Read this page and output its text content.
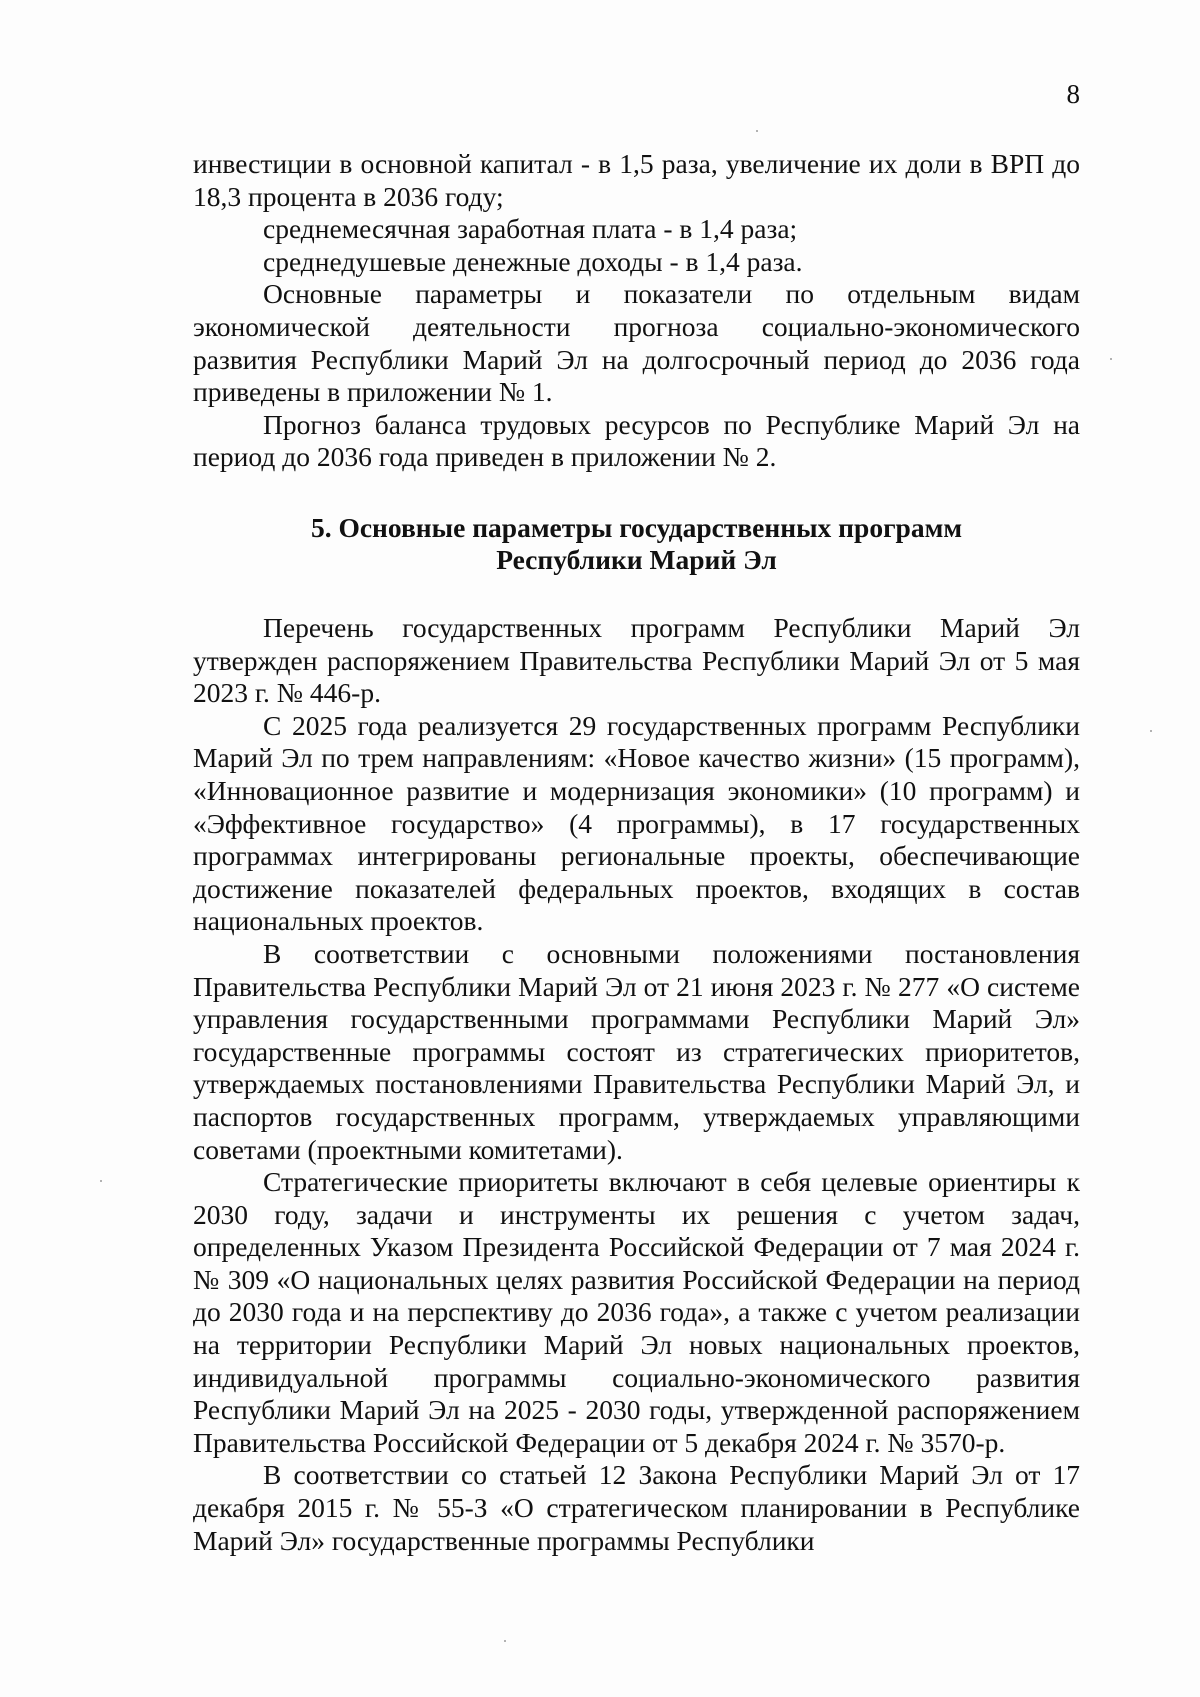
8

инвестиции в основной капитал - в 1,5 раза, увеличение их доли в ВРП до 18,3 процента в 2036 году;

среднемесячная заработная плата - в 1,4 раза;

среднедушевые денежные доходы - в 1,4 раза.

Основные параметры и показатели по отдельным видам экономической деятельности прогноза социально-экономического развития Республики Марий Эл на долгосрочный период до 2036 года приведены в приложении № 1.

Прогноз баланса трудовых ресурсов по Республике Марий Эл на период до 2036 года приведен в приложении № 2.

5. Основные параметры государственных программ
Республики Марий Эл

Перечень государственных программ Республики Марий Эл утвержден распоряжением Правительства Республики Марий Эл от 5 мая 2023 г. № 446-р.

С 2025 года реализуется 29 государственных программ Республики Марий Эл по трем направлениям: «Новое качество жизни» (15 программ), «Инновационное развитие и модернизация экономики» (10 программ) и «Эффективное государство» (4 программы), в 17 государственных программах интегрированы региональные проекты, обеспечивающие достижение показателей федеральных проектов, входящих в состав национальных проектов.

В соответствии с основными положениями постановления Правительства Республики Марий Эл от 21 июня 2023 г. № 277 «О системе управления государственными программами Республики Марий Эл» государственные программы состоят из стратегических приоритетов, утверждаемых постановлениями Правительства Республики Марий Эл, и паспортов государственных программ, утверждаемых управляющими советами (проектными комитетами).

Стратегические приоритеты включают в себя целевые ориентиры к 2030 году, задачи и инструменты их решения с учетом задач, определенных Указом Президента Российской Федерации от 7 мая 2024 г. № 309 «О национальных целях развития Российской Федерации на период до 2030 года и на перспективу до 2036 года», а также с учетом реализации на территории Республики Марий Эл новых национальных проектов, индивидуальной программы социально-экономического развития Республики Марий Эл на 2025 - 2030 годы, утвержденной распоряжением Правительства Российской Федерации от 5 декабря 2024 г. № 3570-р.

В соответствии со статьей 12 Закона Республики Марий Эл от 17 декабря 2015 г. № 55-З «О стратегическом планировании в Республике Марий Эл» государственные программы Республики
